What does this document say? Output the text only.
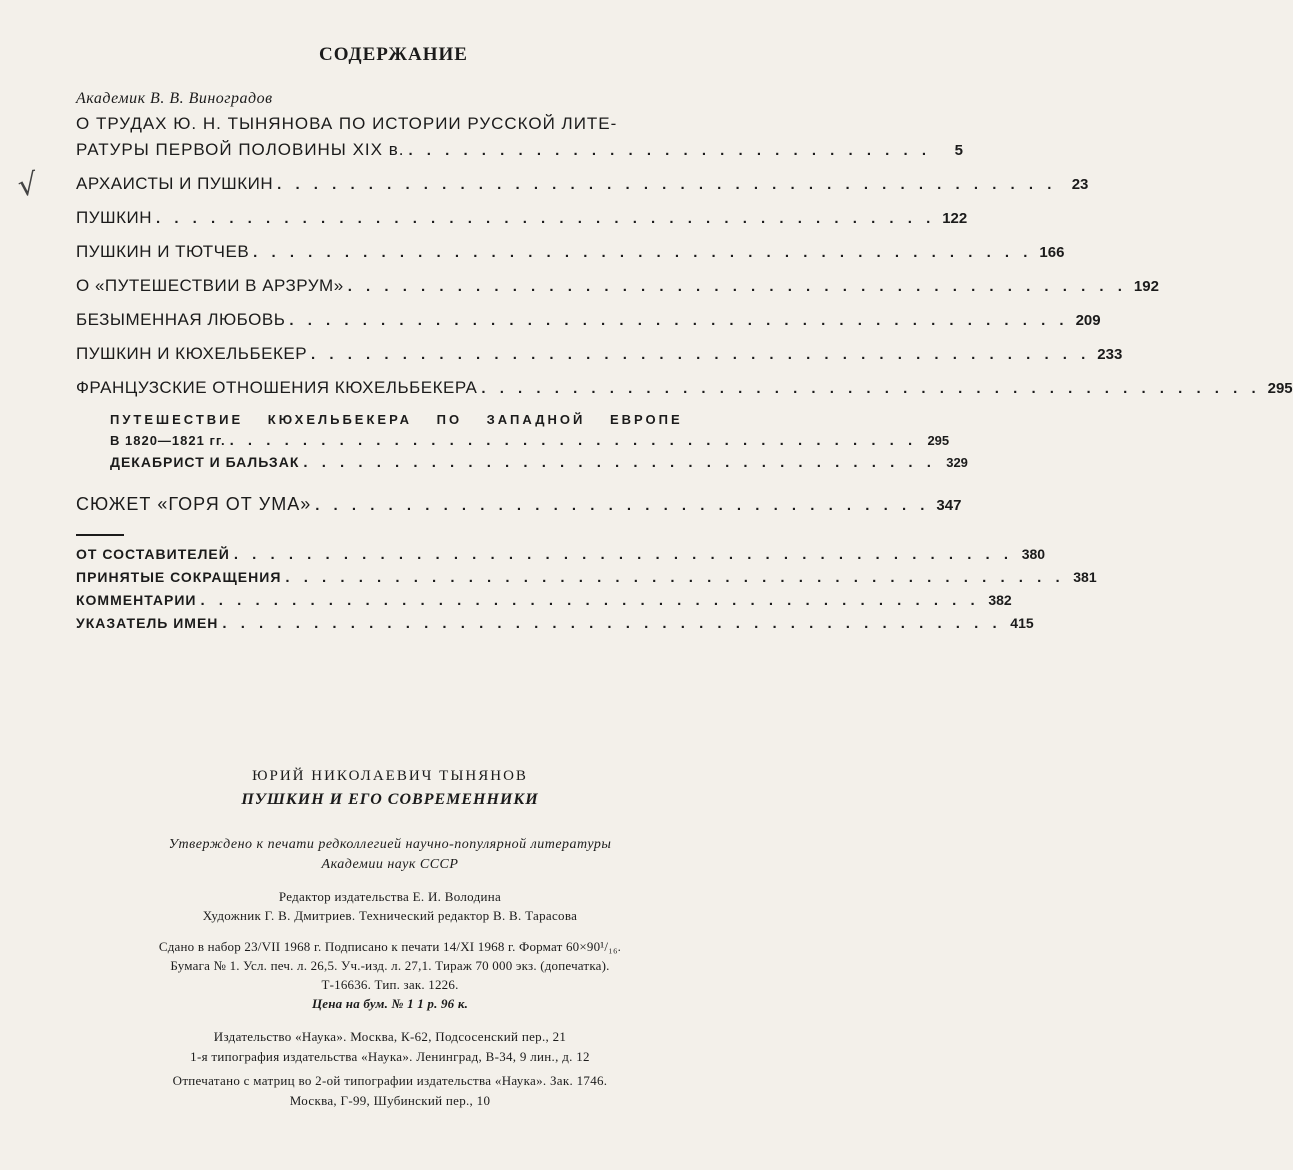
СОДЕРЖАНИЕ
√
Академик В. В. Виноградов
О ТРУДАХ Ю. Н. ТЫНЯНОВА ПО ИСТОРИИ РУССКОЙ ЛИТЕ-
РАТУРЫ ПЕРВОЙ ПОЛОВИНЫ XIX в. . . . . . . . . . . . . . . . . . . . . . . . . . . . . .	5
АРХАИСТЫ И ПУШКИН . . . . . . . . . . . . . . . . . . . . . . . . . . . . . . . . . . . . . . . . . . .	23
ПУШКИН . . . . . . . . . . . . . . . . . . . . . . . . . . . . . . . . . . . . . . . . . . . 122
ПУШКИН И ТЮТЧЕВ . . . . . . . . . . . . . . . . . . . . . . . . . . . . . . . . . . . . . . . . . . . 166
О «ПУТЕШЕСТВИИ В АРЗРУМ» . . . . . . . . . . . . . . . . . . . . . . . . . . . . . . . . . . . . . . . . . . . 192
БЕЗЫМЕННАЯ ЛЮБОВЬ . . . . . . . . . . . . . . . . . . . . . . . . . . . . . . . . . . . . . . . . . . . 209
ПУШКИН И КЮХЕЛЬБЕКЕР . . . . . . . . . . . . . . . . . . . . . . . . . . . . . . . . . . . . . . . . . . . 233
ФРАНЦУЗСКИЕ ОТНОШЕНИЯ КЮХЕЛЬБЕКЕРА . . . . . . . . . . . . . . . . . . . . . . . . . . . . . . . . . . . . . . . . . . . 295
ПУТЕШЕСТВИЕ КЮХЕЛЬБЕКЕРА ПО ЗАПАДНОЙ ЕВРОПЕ
В 1820—1821 гг. . . . . . . . . . . . . . . . . . . . . . . . . . . . . . . . . . . . . . . 295
ДЕКАБРИСТ И БАЛЬЗАК . . . . . . . . . . . . . . . . . . . . . . . . . . . . . . . . . . . 329
СЮЖЕТ «ГОРЯ ОТ УМА» . . . . . . . . . . . . . . . . . . . . . . . . . . . . . . . . . . 347
ОТ СОСТАВИТЕЛЕЙ . . . . . . . . . . . . . . . . . . . . . . . . . . . . . . . . . . . . . . . . . . . 380
ПРИНЯТЫЕ СОКРАЩЕНИЯ . . . . . . . . . . . . . . . . . . . . . . . . . . . . . . . . . . . . . . . . . . . 381
КОММЕНТАРИИ . . . . . . . . . . . . . . . . . . . . . . . . . . . . . . . . . . . . . . . . . . . 382
УКАЗАТЕЛЬ ИМЕН . . . . . . . . . . . . . . . . . . . . . . . . . . . . . . . . . . . . . . . . . . . 415
ЮРИЙ НИКОЛАЕВИЧ ТЫНЯНОВ
ПУШКИН И ЕГО СОВРЕМЕННИКИ
Утверждено к печати редколлегией научно-популярной литературы
Академии наук СССР
Редактор издательства Е. И. Володина
Художник Г. В. Дмитриев. Технический редактор В. В. Тарасова
Сдано в набор 23/VII 1968 г. Подписано к печати 14/XI 1968 г. Формат 60×90¹/₁₆.
Бумага № 1. Усл. печ. л. 26,5. Уч.-изд. л. 27,1. Тираж 70 000 экз. (допечатка).
Т-16636. Тип. зак. 1226.
Цена на бум. № 1 1 р. 96 к.
Издательство «Наука». Москва, К-62, Подсосенский пер., 21
1-я типография издательства «Наука». Ленинград, В-34, 9 лин., д. 12
Отпечатано с матриц во 2-ой типографии издательства «Наука». Зак. 1746.
Москва, Г-99, Шубинский пер., 10
